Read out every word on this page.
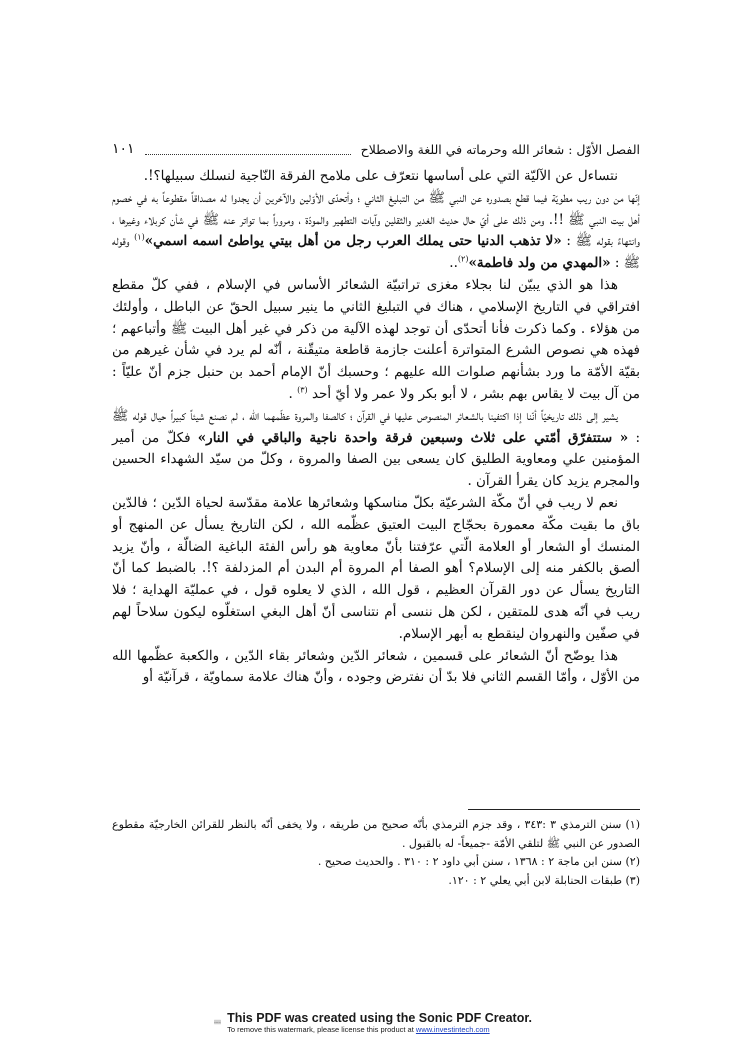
الفصل الأوّل : شعائر الله وحرماته في اللغة والاصطلاح
١٠١

نتساءل عن الآليّة التي على أساسها نتعرّف على ملامح الفرقة النّاجية لنسلك سبيلها؟!.

إنّها من دون ريب مطويّة فيما قطع بصدوره عن النبي ﷺ من التبليغ الثاني ؛ وأتحدّى الأوّلين والآخرين أن يجدوا له مصداقاً مقطوعاً به في خصوم أهل بيت النبي ﷺ !!. ومن ذلك على أيّ حال حديث الغدير والثقلين وآيات التطهير والمودّة ، ومروراً بما تواتر عنه ﷺ في شأن كربلاء وغيرها ، وانتهاءً بقوله ﷺ : «لا تذهب الدنيا حتى يملك العرب رجل من أهل بيتي يواطئ اسمه اسمي»$^{(١)}$ وقوله ﷺ : «المهدي من ولد فاطمة»$^{(٢)}$..

هذا هو الذي يبيّن لنا بجلاء مغزى تراتبيّة الشعائر الأساس في الإسلام ، ففي كلّ مقطع افتراقي في التاريخ الإسلامي ، هناك في التبليغ الثاني ما ينير سبيل الحقّ عن الباطل ، وأولئك من هؤلاء . وكما ذكرت فأنا أتحدّى أن توجد لهذه الآلية من ذكر في غير أهل البيت ﷺ وأتباعهم ؛ فهذه هي نصوص الشرع المتواترة أعلنت جازمة قاطعة متيقّنة ، أنّه لم يرد في شأن غيرهم من بقيّة الأمّة ما ورد بشأنهم صلوات الله عليهم ؛ وحسبك أنّ الإمام أحمد بن حنبل جزم أنّ عليّاً : من آل بيت لا يقاس بهم بشر ، لا أبو بكر ولا عمر ولا أيّ أحد $^{(٣)}$ .

يشير إلى ذلك تاريخيّاً أنّنا إذا اكتفينا بالشعائر المنصوص عليها في القرآن ؛ كالصفا والمروة عظّمهما الله ، لم نصنع شيئاً كبيراً حيال قوله ﷺ : « ستتفرّق أمّتي على ثلاث وسبعين فرقة واحدة ناجية والباقي في النار» فكلّ من أمير المؤمنين علي ومعاوية الطليق كان يسعى بين الصفا والمروة ، وكلّ من سيّد الشهداء الحسين والمجرم يزيد كان يقرأ القرآن .

نعم لا ريب في أنّ مكّة الشرعيّة بكلّ مناسكها وشعائرها علامة مقدّسة لحياة الدّين ؛ فالدّين باق ما بقيت مكّة معمورة بحجّاج البيت العتيق عظّمه الله ، لكن التاريخ يسأل عن المنهج أو المنسك أو الشعار أو العلامة الّتي عرّفتنا بأنّ معاوية هو رأس الفئة الباغية الضالّة ، وأنّ يزيد ألصق بالكفر منه إلى الإسلام؟ أهو الصفا أم المروة أم البدن أم المزدلفة ؟!. بالضبط كما أنّ التاريخ يسأل عن دور القرآن العظيم ، قول الله ، الذي لا يعلوه قول ، في عمليّة الهداية ؛ فلا ريب في أنّه هدى للمتقين ، لكن هل ننسى أم نتناسى أنّ أهل البغي استغلّوه ليكون سلاحاً لهم في صفّين والنهروان لينقطع به أبهر الإسلام.

هذا يوضّح أنّ الشعائر على قسمين ، شعائر الدّين وشعائر بقاء الدّين ، والكعبة عظّمها الله من الأوّل ، وأمّا القسم الثاني فلا بدّ أن نفترض وجوده ، وأنّ هناك علامة سماويّة ، قرآنيّة أو

(١) سنن الترمذي ٣ :٣٤٣ ، وقد جزم الترمذي بأنّه صحيح من طريقه ، ولا يخفى أنّه بالنظر للقرائن الخارجيّة مقطوع الصدور عن النبي ﷺ لتلقي الأمّة -جميعاً- له بالقبول .

(٢) سنن ابن ماجة ٢ : ١٣٦٨ ، سنن أبي داود ٢ : ٣١٠ . والحديث صحيح .

(٣) طبقات الحنابلة لابن أبي يعلي ٢ : ١٢٠.

SONIC PDF This PDF was created using the Sonic PDF Creator.
To remove this watermark, please license this product at www.investintech.com
